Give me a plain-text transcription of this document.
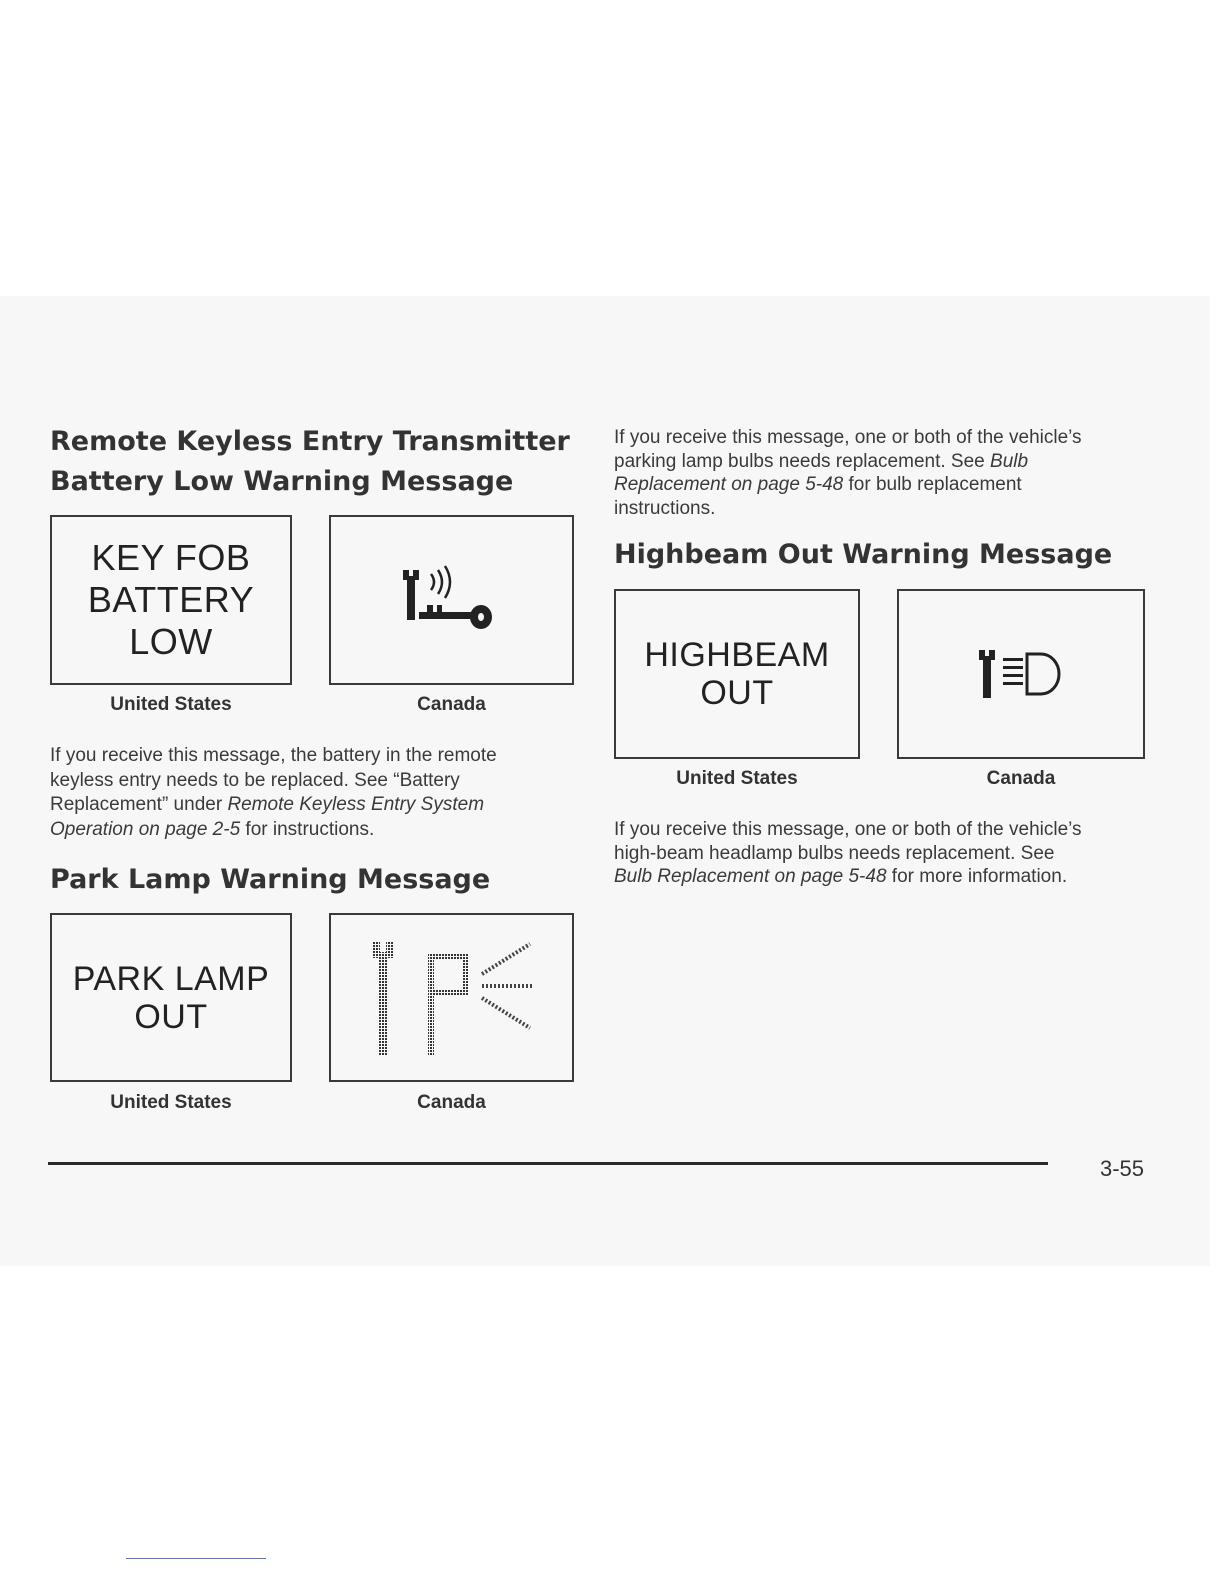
Remote Keyless Entry Transmitter
Battery Low Warning Message
KEY FOB
BATTERY
LOW
United States	Canada

If you receive this message, the battery in the remote
keyless entry needs to be replaced. See “Battery
Replacement” under Remote Keyless Entry System
Operation on page 2-5 for instructions.

Park Lamp Warning Message
PARK LAMP
OUT
United States	Canada

If you receive this message, one or both of the vehicle’s
parking lamp bulbs needs replacement. See Bulb
Replacement on page 5-48 for bulb replacement
instructions.

Highbeam Out Warning Message
HIGHBEAM
OUT
United States	Canada

If you receive this message, one or both of the vehicle’s
high-beam headlamp bulbs needs replacement. See
Bulb Replacement on page 5-48 for more information.

3-55
